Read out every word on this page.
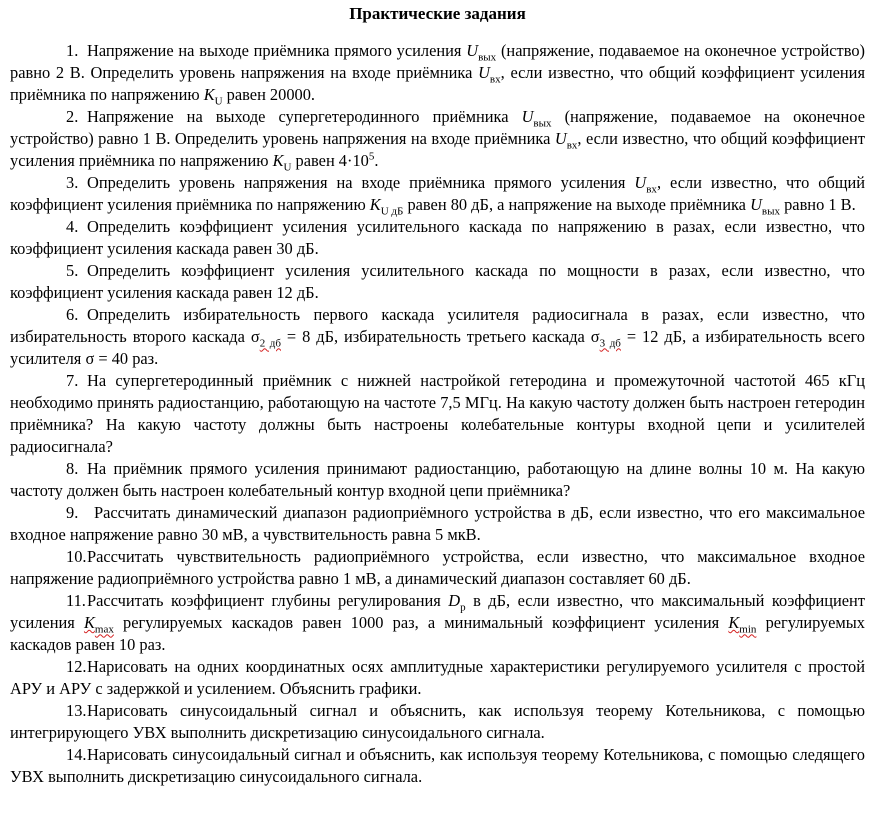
Практические задания

1. Напряжение на выходе приёмника прямого усиления $U_{вых}$ (напряжение, подаваемое на оконечное устройство) равно 2 В. Определить уровень напряжения на входе приёмника $U_{вх}$, если известно, что общий коэффициент усиления приёмника по напряжению $K_U$ равен 20000.

2. Напряжение на выходе супергетеродинного приёмника $U_{вых}$ (напряжение, подаваемое на оконечное устройство) равно 1 В. Определить уровень напряжения на входе приёмника $U_{вх}$, если известно, что общий коэффициент усиления приёмника по напряжению $K_U$ равен $4\cdot 10^5$.

3. Определить уровень напряжения на входе приёмника прямого усиления $U_{вх}$, если известно, что общий коэффициент усиления приёмника по напряжению $K_{U дБ}$ равен 80 дБ, а напряжение на выходе приёмника $U_{вых}$ равно 1 В.

4. Определить коэффициент усиления усилительного каскада по напряжению в разах, если известно, что коэффициент усиления каскада равен 30 дБ.

5. Определить коэффициент усиления усилительного каскада по мощности в разах, если известно, что коэффициент усиления каскада равен 12 дБ.

6. Определить избирательность первого каскада усилителя радиосигнала в разах, если известно, что избирательность второго каскада $\sigma_{2 дб} = 8$ дБ, избирательность третьего каскада $\sigma_{3 дб} = 12$ дБ, а избирательность всего усилителя σ = 40 раз.

7. На супергетеродинный приёмник с нижней настройкой гетеродина и промежуточной частотой 465 кГц необходимо принять радиостанцию, работающую на частоте 7,5 МГц. На какую частоту должен быть настроен гетеродин приёмника? На какую частоту должны быть настроены колебательные контуры входной цепи и усилителей радиосигнала?

8. На приёмник прямого усиления принимают радиостанцию, работающую на длине волны 10 м. На какую частоту должен быть настроен колебательный контур входной цепи приёмника?

9. Рассчитать динамический диапазон радиоприёмного устройства в дБ, если известно, что его максимальное входное напряжение равно 30 мВ, а чувствительность равна 5 мкВ.

10.Рассчитать чувствительность радиоприёмного устройства, если известно, что максимальное входное напряжение радиоприёмного устройства равно 1 мВ, а динамический диапазон составляет 60 дБ.

11.Рассчитать коэффициент глубины регулирования $D_р$ в дБ, если известно, что максимальный коэффициент усиления $K_{max}$ регулируемых каскадов равен 1000 раз, а минимальный коэффициент усиления $K_{min}$ регулируемых каскадов равен 10 раз.

12.Нарисовать на одних координатных осях амплитудные характеристики регулируемого усилителя с простой АРУ и АРУ с задержкой и усилением. Объяснить графики.

13.Нарисовать синусоидальный сигнал и объяснить, как используя теорему Котельникова, с помощью интегрирующего УВХ выполнить дискретизацию синусоидального сигнала.

14.Нарисовать синусоидальный сигнал и объяснить, как используя теорему Котельникова, с помощью следящего УВХ выполнить дискретизацию синусоидального сигнала.
